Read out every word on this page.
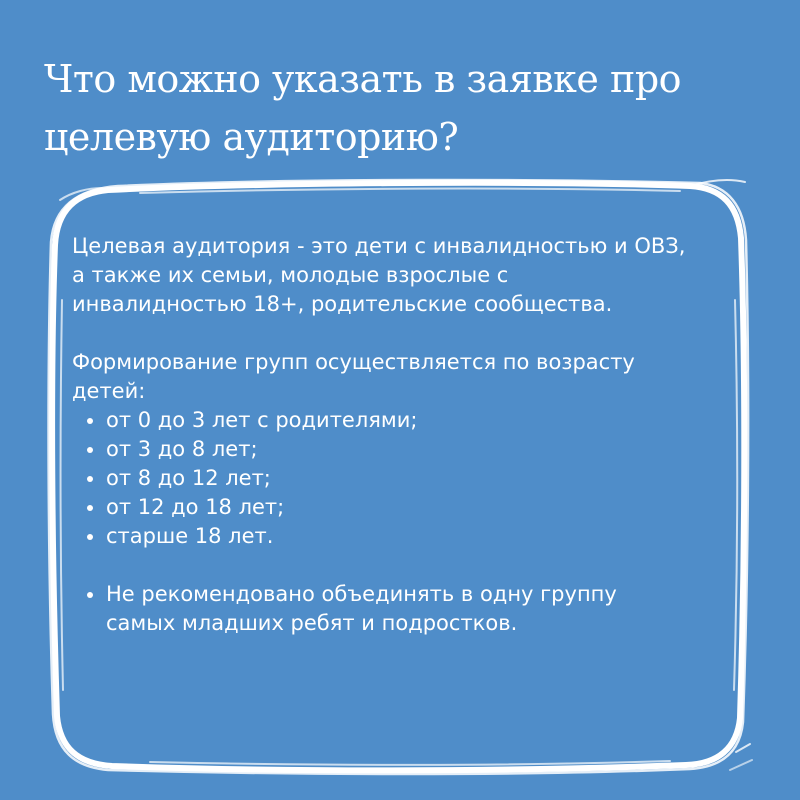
Что можно указать в заявке про
целевую аудиторию?

Целевая аудитория - это дети с инвалидностью и ОВЗ,
а также их семьи, молодые взрослые с
инвалидностью 18+, родительские сообщества.

Формирование групп осуществляется по возрасту
детей:

от 0 до 3 лет с родителями;
от 3 до 8 лет;
от 8 до 12 лет;
от 12 до 18 лет;
старше 18 лет.

Не рекомендовано объединять в одну группу
самых младших ребят и подростков.
